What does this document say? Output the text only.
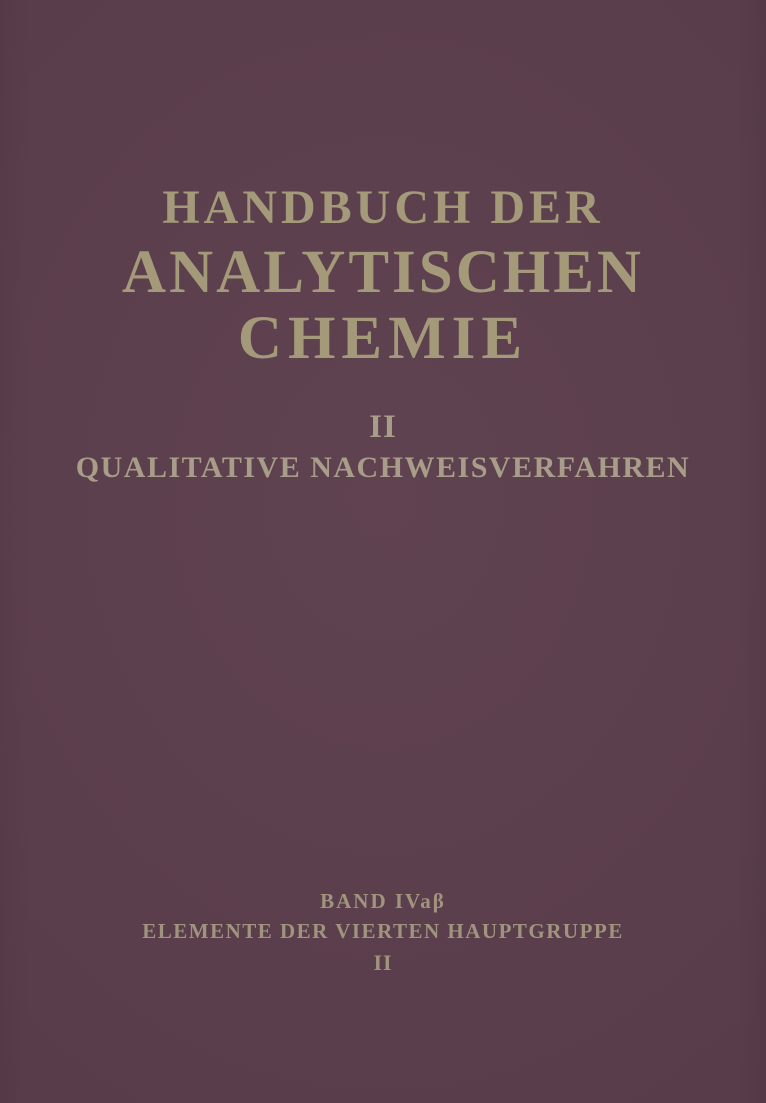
HANDBUCH DER
ANALYTISCHEN
CHEMIE
II
QUALITATIVE NACHWEISVERFAHREN
BAND IVaβ
ELEMENTE DER VIERTEN HAUPTGRUPPE
II
